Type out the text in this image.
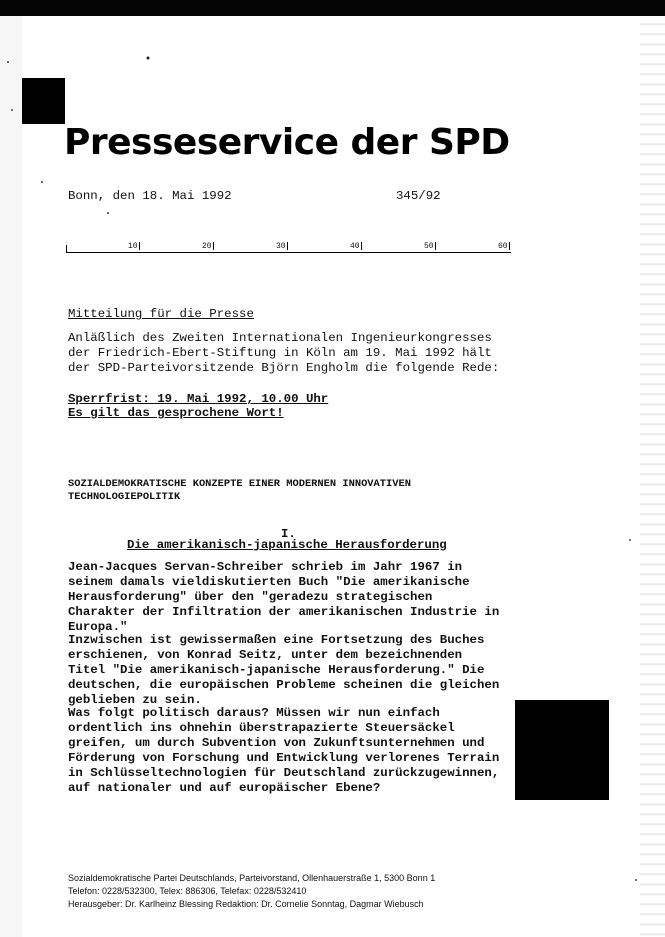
Presseservice der SPD
Bonn, den 18. Mai 1992	345/92
10	20	30	40	50	60
Mitteilung für die Presse
Anläßlich des Zweiten Internationalen Ingenieurkongresses
der Friedrich-Ebert-Stiftung in Köln am 19. Mai 1992 hält
der SPD-Parteivorsitzende Björn Engholm die folgende Rede:
Sperrfrist: 19. Mai 1992, 10.00 Uhr
Es gilt das gesprochene Wort!
SOZIALDEMOKRATISCHE KONZEPTE EINER MODERNEN INNOVATIVEN
TECHNOLOGIEPOLITIK
I.
Die amerikanisch-japanische Herausforderung
Jean-Jacques Servan-Schreiber schrieb im Jahr 1967 in
seinem damals vieldiskutierten Buch "Die amerikanische
Herausforderung" über den "geradezu strategischen
Charakter der Infiltration der amerikanischen Industrie in
Europa."
Inzwischen ist gewissermaßen eine Fortsetzung des Buches
erschienen, von Konrad Seitz, unter dem bezeichnenden
Titel "Die amerikanisch-japanische Herausforderung." Die
deutschen, die europäischen Probleme scheinen die gleichen
geblieben zu sein.
Was folgt politisch daraus? Müssen wir nun einfach
ordentlich ins ohnehin überstrapazierte Steuersäckel
greifen, um durch Subvention von Zukunftsunternehmen und
Förderung von Forschung und Entwicklung verlorenes Terrain
in Schlüsseltechnologien für Deutschland zurückzugewinnen,
auf nationaler und auf europäischer Ebene?
Sozialdemokratische Partei Deutschlands, Parteivorstand, Ollenhauerstraße 1, 5300 Bonn 1
Telefon: 0228/532300, Telex: 886306, Telefax: 0228/532410
Herausgeber: Dr. Karlheinz Blessing Redaktion: Dr. Cornelie Sonntag, Dagmar Wiebusch
